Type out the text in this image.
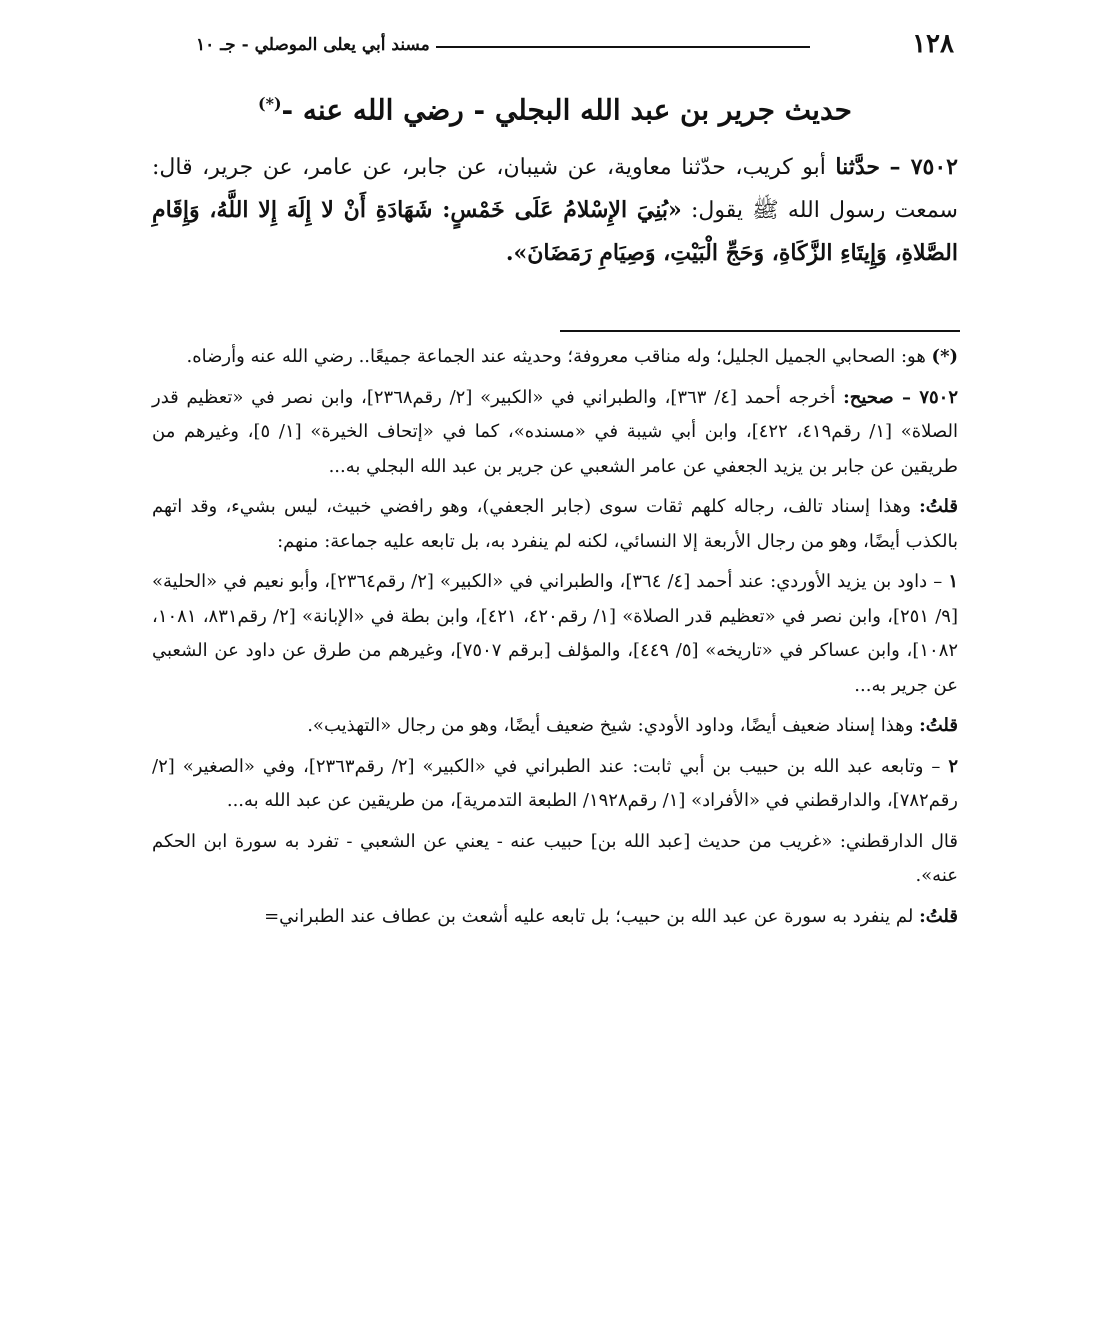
١٢٨
مسند أبي يعلى الموصلي - جـ ١٠
حديث جرير بن عبد الله البجلي - رضي الله عنه -(*)

٧٥٠٢ – حدَّثنا أبو كريب، حدّثنا معاوية، عن شيبان، عن جابر، عن عامر، عن جرير، قال: سمعت رسول الله ﷺ يقول: «بُنِيَ الإِسْلامُ عَلَى خَمْسٍ: شَهَادَةِ أَنْ لا إِلَهَ إِلا اللَّهُ، وَإِقَامِ الصَّلاةِ، وَإِيتَاءِ الزَّكَاةِ، وَحَجِّ الْبَيْتِ، وَصِيَامِ رَمَضَانَ».

(*) هو: الصحابي الجميل الجليل؛ وله مناقب معروفة؛ وحديثه عند الجماعة جميعًا.. رضي الله عنه وأرضاه.

٧٥٠٢ – صحيح: أخرجه أحمد [٤/ ٣٦٣]، والطبراني في «الكبير» [٢/ رقم٢٣٦٨]، وابن نصر في «تعظيم قدر الصلاة» [١/ رقم٤١٩، ٤٢٢]، وابن أبي شيبة في «مسنده»، كما في «إتحاف الخيرة» [١/ ٥]، وغيرهم من طريقين عن جابر بن يزيد الجعفي عن عامر الشعبي عن جرير بن عبد الله البجلي به...

قلتُ: وهذا إسناد تالف، رجاله كلهم ثقات سوى (جابر الجعفي)، وهو رافضي خبيث، ليس بشيء، وقد اتهم بالكذب أيضًا، وهو من رجال الأربعة إلا النسائي، لكنه لم ينفرد به، بل تابعه عليه جماعة: منهم:

١ – داود بن يزيد الأوردي: عند أحمد [٤/ ٣٦٤]، والطبراني في «الكبير» [٢/ رقم٢٣٦٤]، وأبو نعيم في «الحلية» [٩/ ٢٥١]، وابن نصر في «تعظيم قدر الصلاة» [١/ رقم٤٢٠، ٤٢١]، وابن بطة في «الإبانة» [٢/ رقم٨٣١، ١٠٨١، ١٠٨٢]، وابن عساكر في «تاريخه» [٥/ ٤٤٩]، والمؤلف [برقم ٧٥٠٧]، وغيرهم من طرق عن داود عن الشعبي عن جرير به...

قلتُ: وهذا إسناد ضعيف أيضًا، وداود الأودي: شيخ ضعيف أيضًا، وهو من رجال «التهذيب».

٢ – وتابعه عبد الله بن حبيب بن أبي ثابت: عند الطبراني في «الكبير» [٢/ رقم٢٣٦٣]، وفي «الصغير» [٢/ رقم٧٨٢]، والدارقطني في «الأفراد» [١/ رقم١٩٢٨/ الطبعة التدمرية]، من طريقين عن عبد الله به...

قال الدارقطني: «غريب من حديث [عبد الله بن] حبيب عنه - يعني عن الشعبي - تفرد به سورة ابن الحكم عنه».

قلتُ: لم ينفرد به سورة عن عبد الله بن حبيب؛ بل تابعه عليه أشعث بن عطاف عند الطبراني=
